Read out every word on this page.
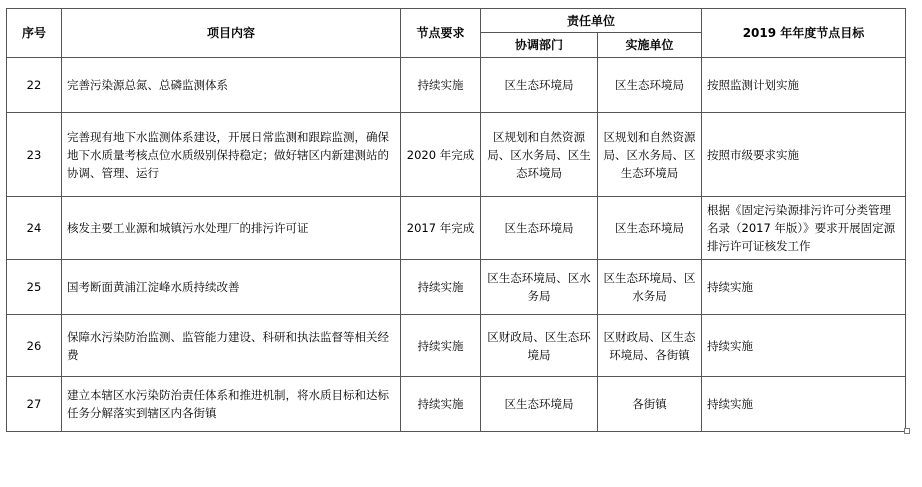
序号	项目内容	节点要求	责任单位		2019 年年度节点目标
			协调部门	实施单位	
22	完善污染源总氮、总磷监测体系	持续实施	区生态环境局	区生态环境局	按照监测计划实施
23	完善现有地下水监测体系建设，开展日常监测和跟踪监测，确保地下水质量考核点位水质级别保持稳定；做好辖区内新建测站的协调、管理、运行	2020 年完成	区规划和自然资源局、区水务局、区生态环境局	区规划和自然资源局、区水务局、区生态环境局	按照市级要求实施
24	核发主要工业源和城镇污水处理厂的排污许可证	2017 年完成	区生态环境局	区生态环境局	根据《固定污染源排污许可分类管理名录（2017 年版）》要求开展固定源排污许可证核发工作
25	国考断面黄浦江淀峰水质持续改善	持续实施	区生态环境局、区水务局	区生态环境局、区水务局	持续实施
26	保障水污染防治监测、监管能力建设、科研和执法监督等相关经费	持续实施	区财政局、区生态环境局	区财政局、区生态环境局、各街镇	持续实施
27	建立本辖区水污染防治责任体系和推进机制，将水质目标和达标任务分解落实到辖区内各街镇	持续实施	区生态环境局	各街镇	持续实施
